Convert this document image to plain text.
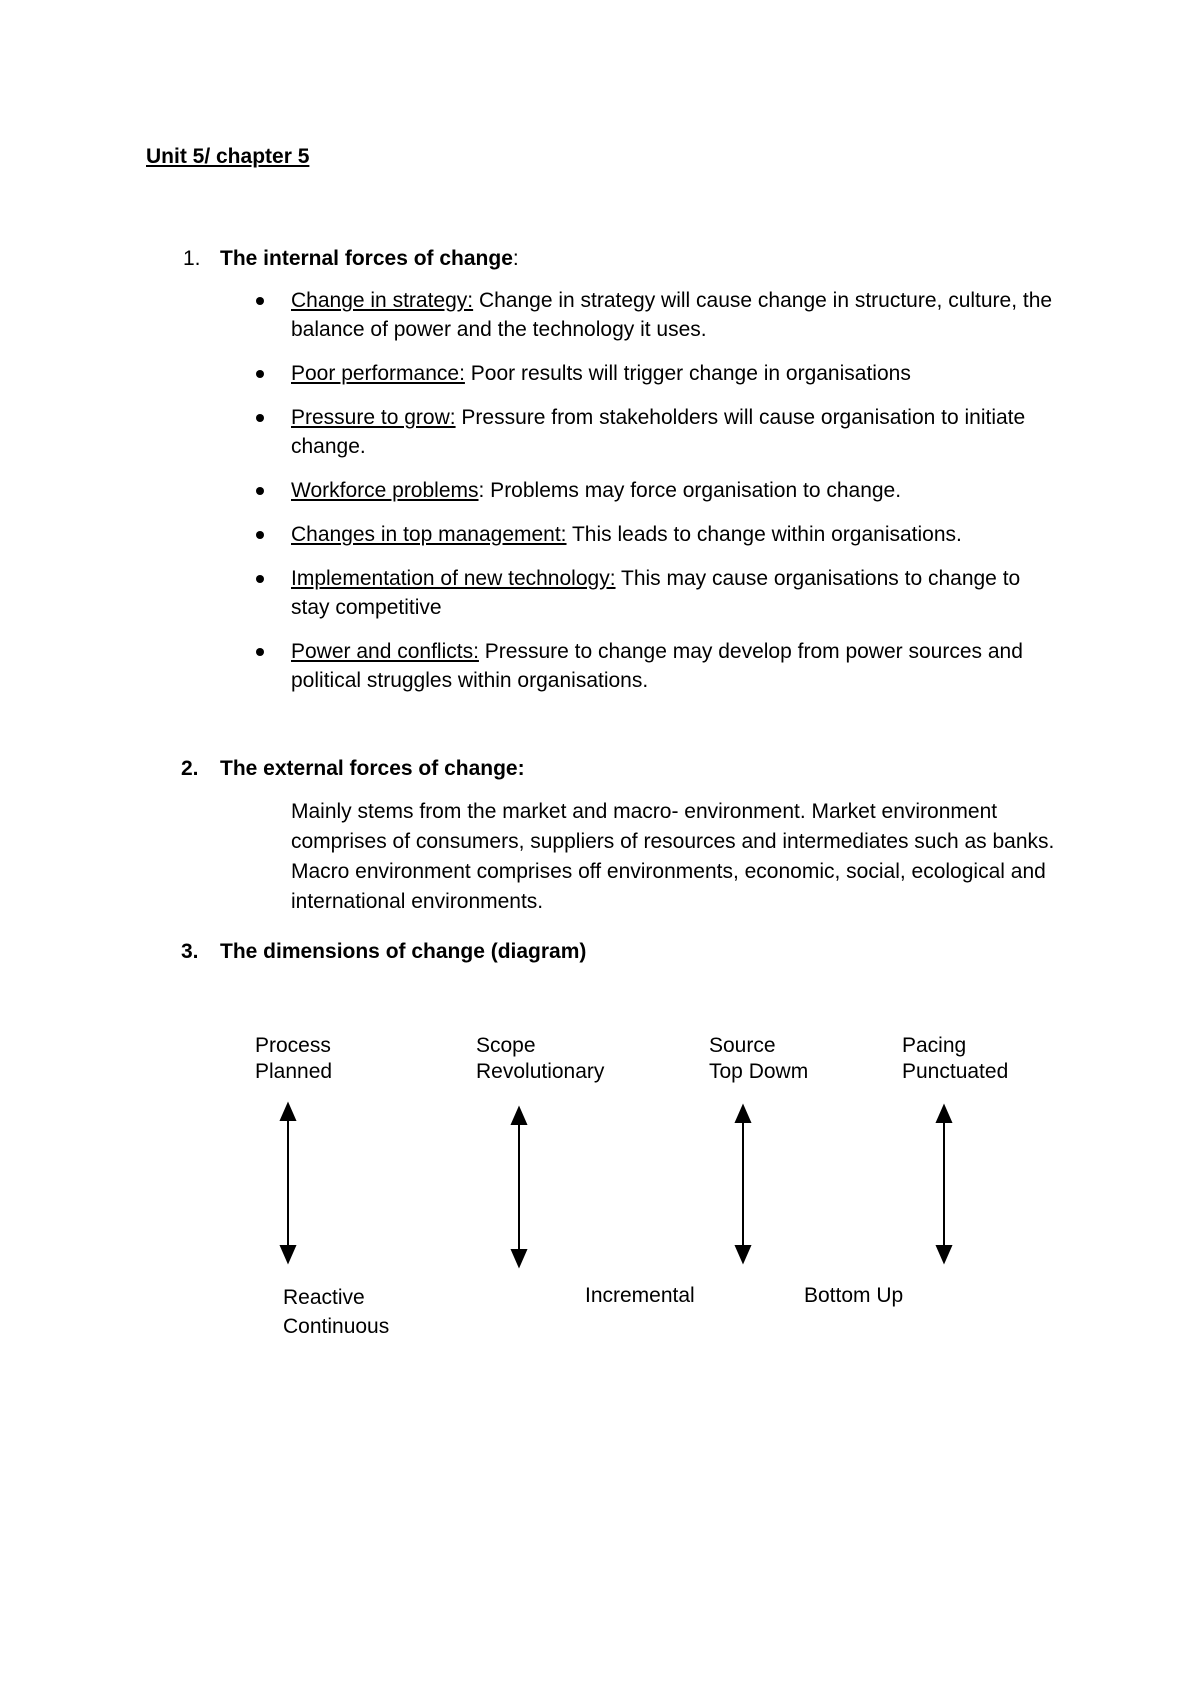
Unit 5/ chapter 5
1. The internal forces of change:
Change in strategy: Change in strategy will cause change in structure, culture, the balance of power and the technology it uses.
Poor performance: Poor results will trigger change in organisations
Pressure to grow: Pressure from stakeholders will cause organisation to initiate change.
Workforce problems: Problems may force organisation to change.
Changes in top management: This leads to change within organisations.
Implementation of new technology: This may cause organisations to change to stay competitive
Power and conflicts: Pressure to change may develop from power sources and political struggles within organisations.
2. The external forces of change:
Mainly stems from the market and macro- environment. Market environment comprises of consumers, suppliers of resources and intermediates such as banks. Macro environment comprises off environments, economic, social, ecological and international environments.
3. The dimensions of change (diagram)
Process
Planned
Scope
Revolutionary
Source
Top Dowm
Pacing
Punctuated
Reactive
Continuous
Incremental	Bottom Up
